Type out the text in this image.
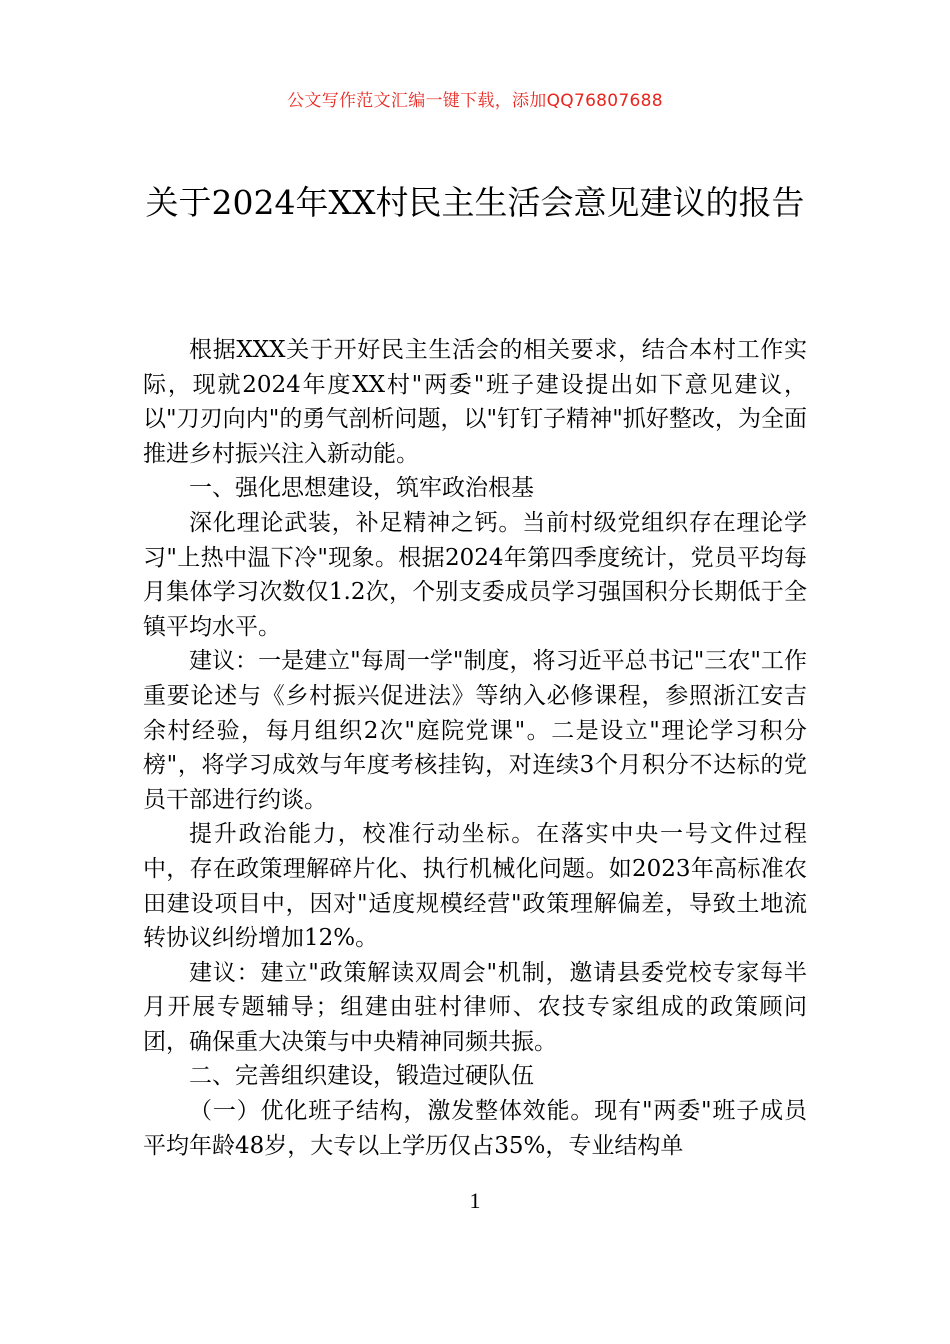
公文写作范文汇编一键下载，添加QQ76807688
关于2024年XX村民主生活会意见建议的报告

根据XXX关于开好民主生活会的相关要求，结合本村工作实际，现就2024年度XX村"两委"班子建设提出如下意见建议，以"刀刃向内"的勇气剖析问题，以"钉钉子精神"抓好整改，为全面推进乡村振兴注入新动能。

一、强化思想建设，筑牢政治根基

深化理论武装，补足精神之钙。当前村级党组织存在理论学习"上热中温下冷"现象。根据2024年第四季度统计，党员平均每月集体学习次数仅1.2次，个别支委成员学习强国积分长期低于全镇平均水平。

建议：一是建立"每周一学"制度，将习近平总书记"三农"工作重要论述与《乡村振兴促进法》等纳入必修课程，参照浙江安吉余村经验，每月组织2次"庭院党课"。二是设立"理论学习积分榜"，将学习成效与年度考核挂钩，对连续3个月积分不达标的党员干部进行约谈。

提升政治能力，校准行动坐标。在落实中央一号文件过程中，存在政策理解碎片化、执行机械化问题。如2023年高标准农田建设项目中，因对"适度规模经营"政策理解偏差，导致土地流转协议纠纷增加12%。

建议：建立"政策解读双周会"机制，邀请县委党校专家每半月开展专题辅导；组建由驻村律师、农技专家组成的政策顾问团，确保重大决策与中央精神同频共振。

二、完善组织建设，锻造过硬队伍

（一）优化班子结构，激发整体效能。现有"两委"班子成员平均年龄48岁，大专以上学历仅占35%，专业结构单

1
